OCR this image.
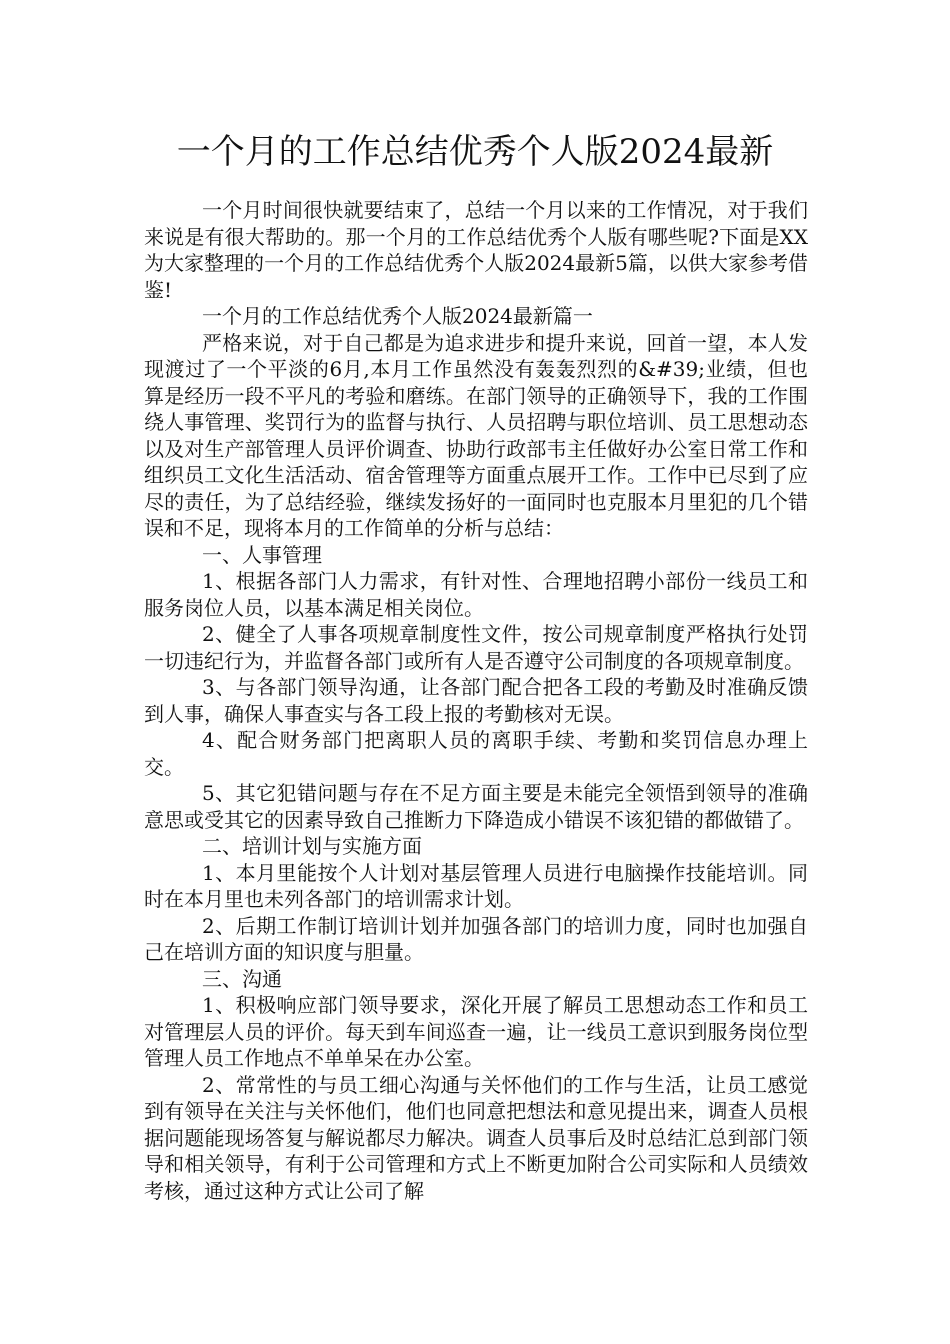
一个月的工作总结优秀个人版2024最新

一个月时间很快就要结束了，总结一个月以来的工作情况，对于我们来说是有很大帮助的。那一个月的工作总结优秀个人版有哪些呢?下面是XX为大家整理的一个月的工作总结优秀个人版2024最新5篇，以供大家参考借鉴!

一个月的工作总结优秀个人版2024最新篇一

严格来说，对于自己都是为追求进步和提升来说，回首一望，本人发现渡过了一个平淡的6月,本月工作虽然没有轰轰烈烈的&#39;业绩，但也算是经历一段不平凡的考验和磨练。在部门领导的正确领导下，我的工作围绕人事管理、奖罚行为的监督与执行、人员招聘与职位培训、员工思想动态以及对生产部管理人员评价调查、协助行政部韦主任做好办公室日常工作和组织员工文化生活活动、宿舍管理等方面重点展开工作。工作中已尽到了应尽的责任，为了总结经验，继续发扬好的一面同时也克服本月里犯的几个错误和不足，现将本月的工作简单的分析与总结：

一、人事管理

1、根据各部门人力需求，有针对性、合理地招聘小部份一线员工和服务岗位人员，以基本满足相关岗位。

2、健全了人事各项规章制度性文件，按公司规章制度严格执行处罚一切违纪行为，并监督各部门或所有人是否遵守公司制度的各项规章制度。

3、与各部门领导沟通，让各部门配合把各工段的考勤及时准确反馈到人事，确保人事查实与各工段上报的考勤核对无误。

4、配合财务部门把离职人员的离职手续、考勤和奖罚信息办理上交。

5、其它犯错问题与存在不足方面主要是未能完全领悟到领导的准确意思或受其它的因素导致自己推断力下降造成小错误不该犯错的都做错了。

二、培训计划与实施方面

1、本月里能按个人计划对基层管理人员进行电脑操作技能培训。同时在本月里也未列各部门的培训需求计划。

2、后期工作制订培训计划并加强各部门的培训力度，同时也加强自己在培训方面的知识度与胆量。

三、沟通

1、积极响应部门领导要求，深化开展了解员工思想动态工作和员工对管理层人员的评价。每天到车间巡查一遍，让一线员工意识到服务岗位型管理人员工作地点不单单呆在办公室。

2、常常性的与员工细心沟通与关怀他们的工作与生活，让员工感觉到有领导在关注与关怀他们，他们也同意把想法和意见提出来，调查人员根据问题能现场答复与解说都尽力解决。调查人员事后及时总结汇总到部门领导和相关领导，有利于公司管理和方式上不断更加附合公司实际和人员绩效考核，通过这种方式让公司了解
